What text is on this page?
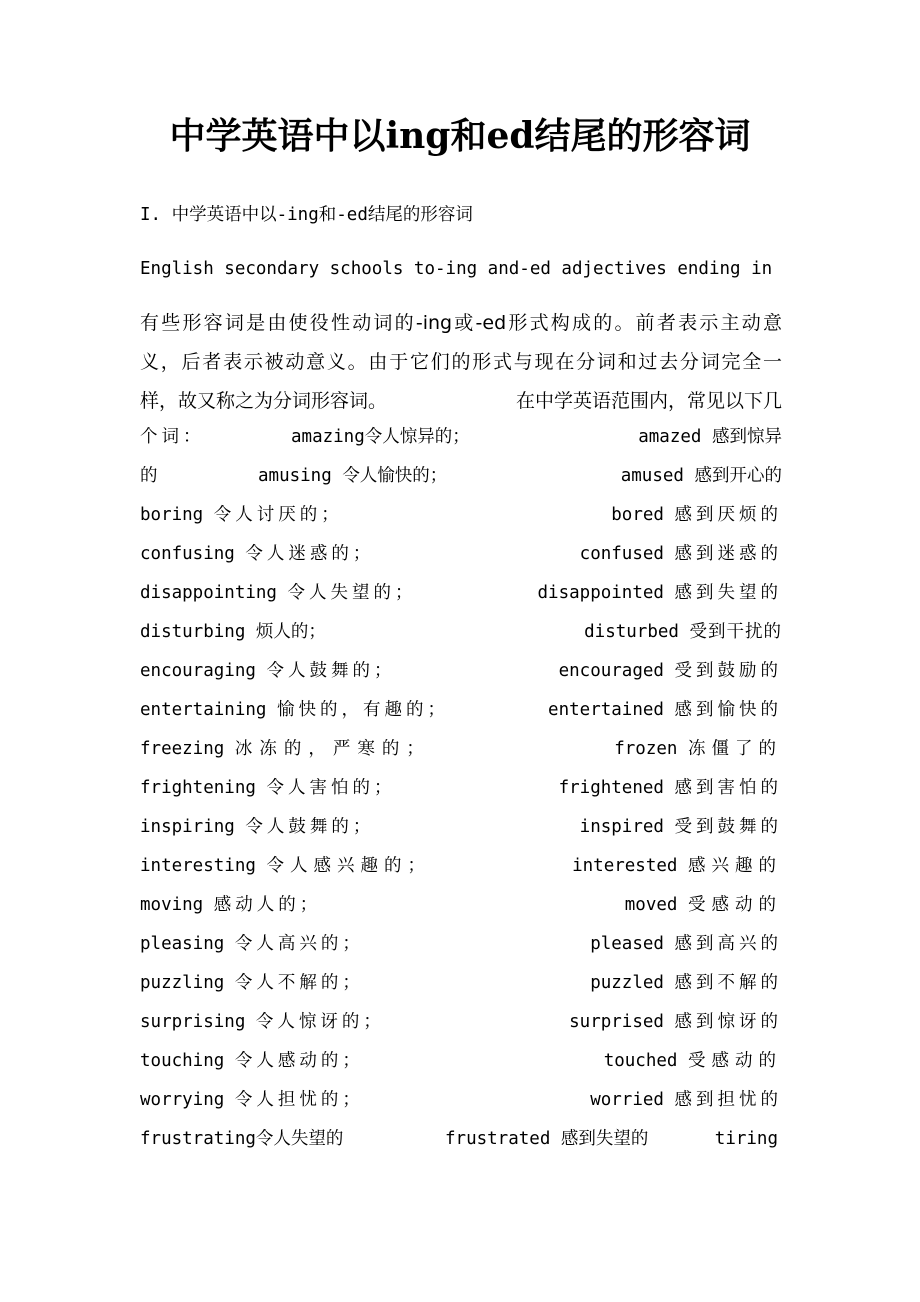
中学英语中以ing和ed结尾的形容词
I. 中学英语中以-ing和-ed结尾的形容词
English secondary schools to-ing and-ed adjectives ending in
有些形容词是由使役性动词的-ing或-ed形式构成的。前者表示主动意
义，后者表示被动意义。由于它们的形式与现在分词和过去分词完全一
样，故又称之为分词形容词。	在中学英语范围内，常见以下几
个词：	amazing令人惊异的；	amazed 感到惊异
的	amusing 令人愉快的；	amused 感到开心的
boring 令人讨厌的；	bored 感到厌烦的
confusing 令人迷惑的；	confused 感到迷惑的
disappointing 令人失望的；	disappointed 感到失望的
disturbing 烦人的；	disturbed 受到干扰的
encouraging 令人鼓舞的；	encouraged 受到鼓励的
entertaining 愉快的，有趣的；	entertained 感到愉快的
freezing 冰冻的，严寒的；	frozen 冻僵了的
frightening 令人害怕的；	frightened 感到害怕的
inspiring 令人鼓舞的；	inspired 受到鼓舞的
interesting 令人感兴趣的；	interested 感兴趣的
moving 感动人的；	moved 受感动的
pleasing 令人高兴的；	pleased 感到高兴的
puzzling 令人不解的；	puzzled 感到不解的
surprising 令人惊讶的；	surprised 感到惊讶的
touching 令人感动的；	touched 受感动的
worrying 令人担忧的；	worried 感到担忧的
frustrating令人失望的	frustrated 感到失望的	tiring
